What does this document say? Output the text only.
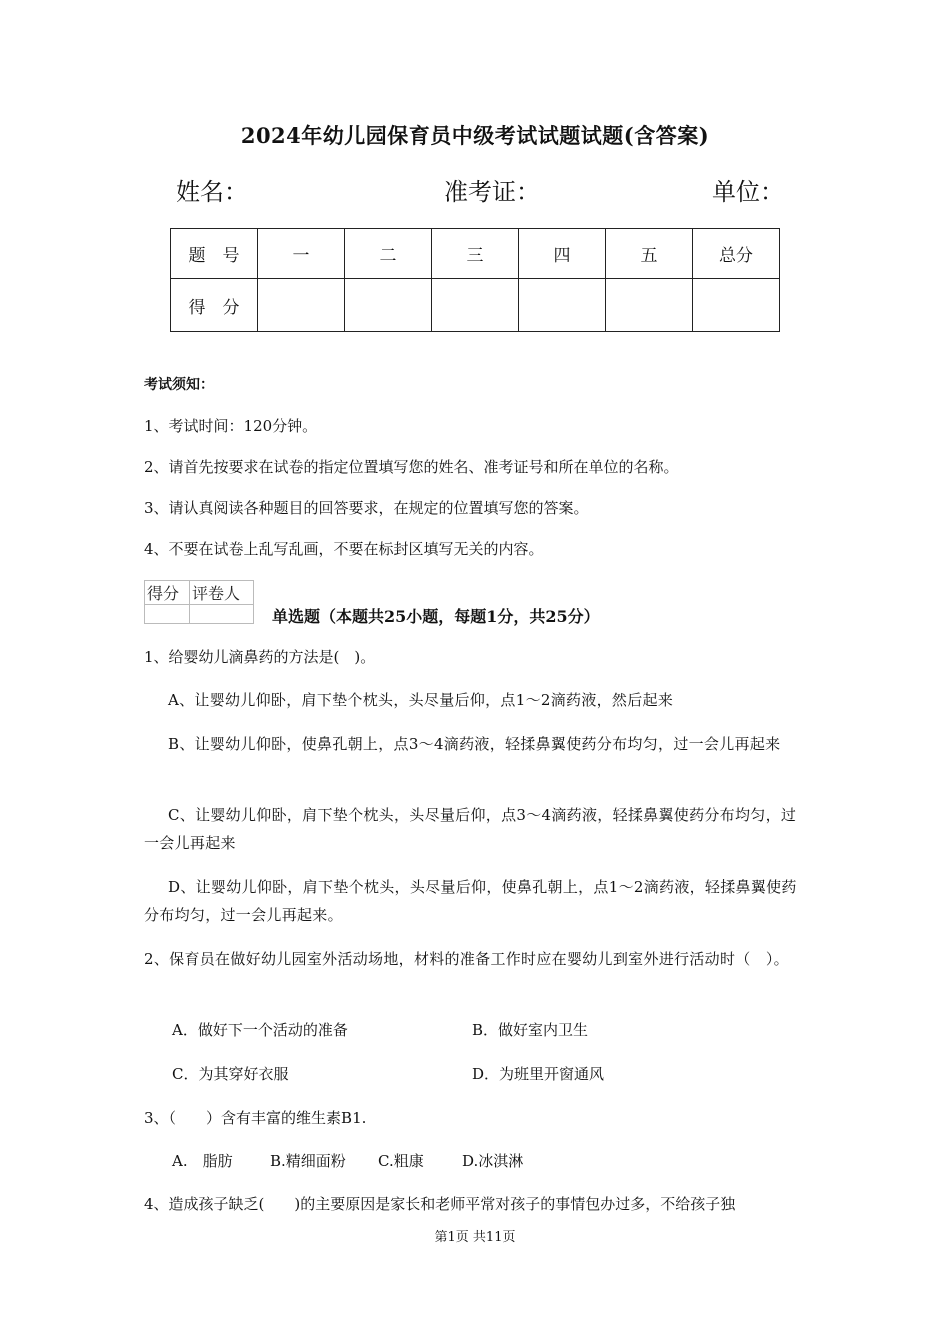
2024年幼儿园保育员中级考试试题试题(含答案)
姓名：	准考证：	单位：
题　号	一	二	三	四	五	总分
得　分						
考试须知：
1、考试时间：120分钟。
2、请首先按要求在试卷的指定位置填写您的姓名、准考证号和所在单位的名称。
3、请认真阅读各种题目的回答要求，在规定的位置填写您的答案。
4、不要在试卷上乱写乱画，不要在标封区填写无关的内容。
得分	评卷人

单选题（本题共25小题，每题1分，共25分）
1、给婴幼儿滴鼻药的方法是(　)。
A、让婴幼儿仰卧，肩下垫个枕头，头尽量后仰，点1～2滴药液，然后起来
B、让婴幼儿仰卧，使鼻孔朝上，点3～4滴药液，轻揉鼻翼使药分布均匀，过一会儿再起来
C、让婴幼儿仰卧，肩下垫个枕头，头尽量后仰，点3～4滴药液，轻揉鼻翼使药分布均匀，过一会儿再起来
D、让婴幼儿仰卧，肩下垫个枕头，头尽量后仰，使鼻孔朝上，点1～2滴药液，轻揉鼻翼使药分布均匀，过一会儿再起来。
2、保育员在做好幼儿园室外活动场地，材料的准备工作时应在婴幼儿到室外进行活动时（　）。
A．做好下一个活动的准备	B．做好室内卫生
C．为其穿好衣服	D．为班里开窗通风
3、（　　）含有丰富的维生素B1.
A.　脂肪 B.精细面粉 C.粗康	D.冰淇淋
4、造成孩子缺乏(　　)的主要原因是家长和老师平常对孩子的事情包办过多，不给孩子独
第1页 共11页
